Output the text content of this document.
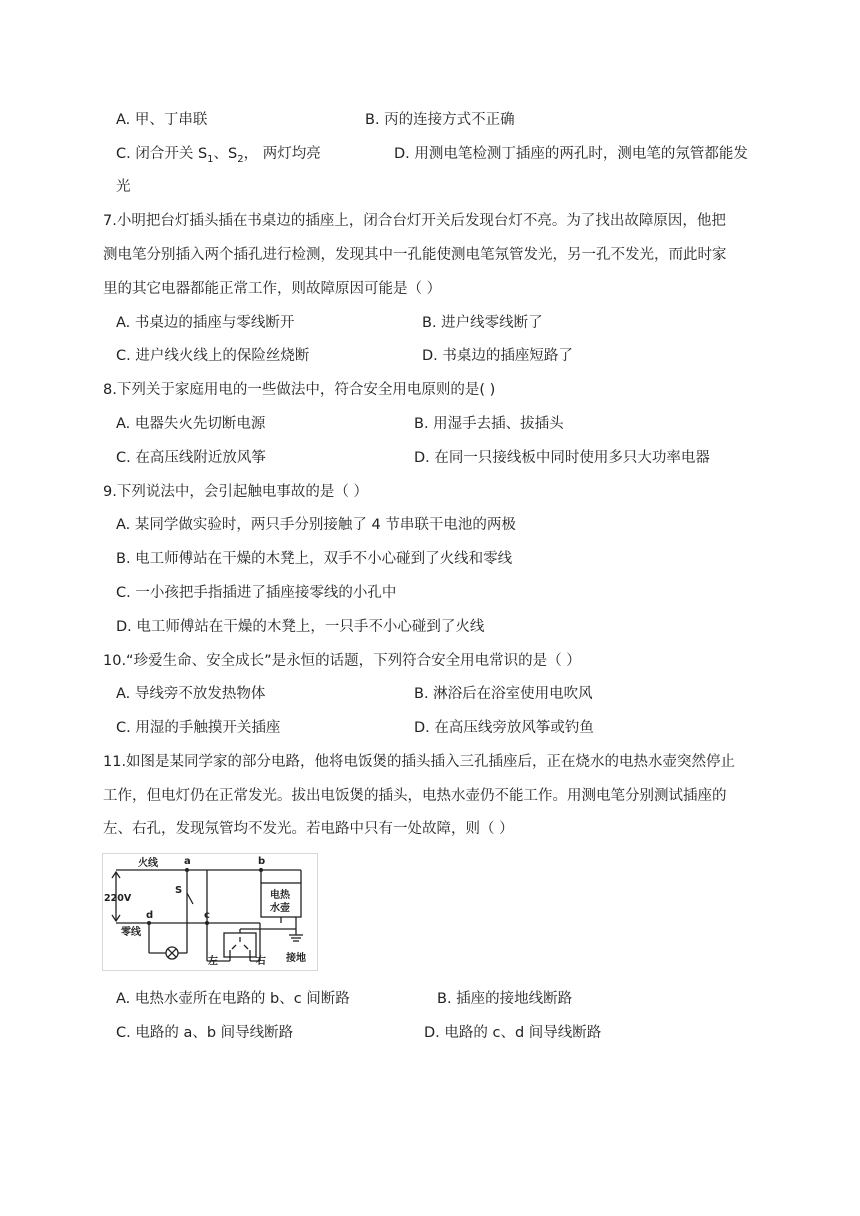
A. 甲、丁串联	B. 丙的连接方式不正确
C. 闭合开关 $S_1$、$S_2$， 两灯均亮	D. 用测电笔检测丁插座的两孔时，测电笔的氖管都能发
光
7.小明把台灯插头插在书桌边的插座上，闭合台灯开关后发现台灯不亮。为了找出故障原因，他把
测电笔分别插入两个插孔进行检测，发现其中一孔能使测电笔氖管发光，另一孔不发光，而此时家
里的其它电器都能正常工作，则故障原因可能是（ ）
A. 书桌边的插座与零线断开	B. 进户线零线断了
C. 进户线火线上的保险丝烧断	D. 书桌边的插座短路了
8.下列关于家庭用电的一些做法中，符合安全用电原则的是( )
A. 电器失火先切断电源	B. 用湿手去插、拔插头
C. 在高压线附近放风筝	D. 在同一只接线板中同时使用多只大功率电器
9.下列说法中，会引起触电事故的是（ ）
A. 某同学做实验时，两只手分别接触了 4 节串联干电池的两极
B. 电工师傅站在干燥的木凳上，双手不小心碰到了火线和零线
C. 一小孩把手指插进了插座接零线的小孔中
D. 电工师傅站在干燥的木凳上，一只手不小心碰到了火线
10.“珍爱生命、安全成长”是永恒的话题，下列符合安全用电常识的是（ ）
A. 导线旁不放发热物体	B. 淋浴后在浴室使用电吹风
C. 用湿的手触摸开关插座	D. 在高压线旁放风筝或钓鱼
11.如图是某同学家的部分电路，他将电饭煲的插头插入三孔插座后，正在烧水的电热水壶突然停止
工作，但电灯仍在正常发光。拔出电饭煲的插头，电热水壶仍不能工作。用测电笔分别测试插座的
左、右孔，发现氖管均不发光。若电路中只有一处故障，则（ ）
火线	a	b
220V
S
d	c
零线
电热
水壶
左	右 接地
A. 电热水壶所在电路的 b、c 间断路	B. 插座的接地线断路
C. 电路的 a、b 间导线断路	D. 电路的 c、d 间导线断路
